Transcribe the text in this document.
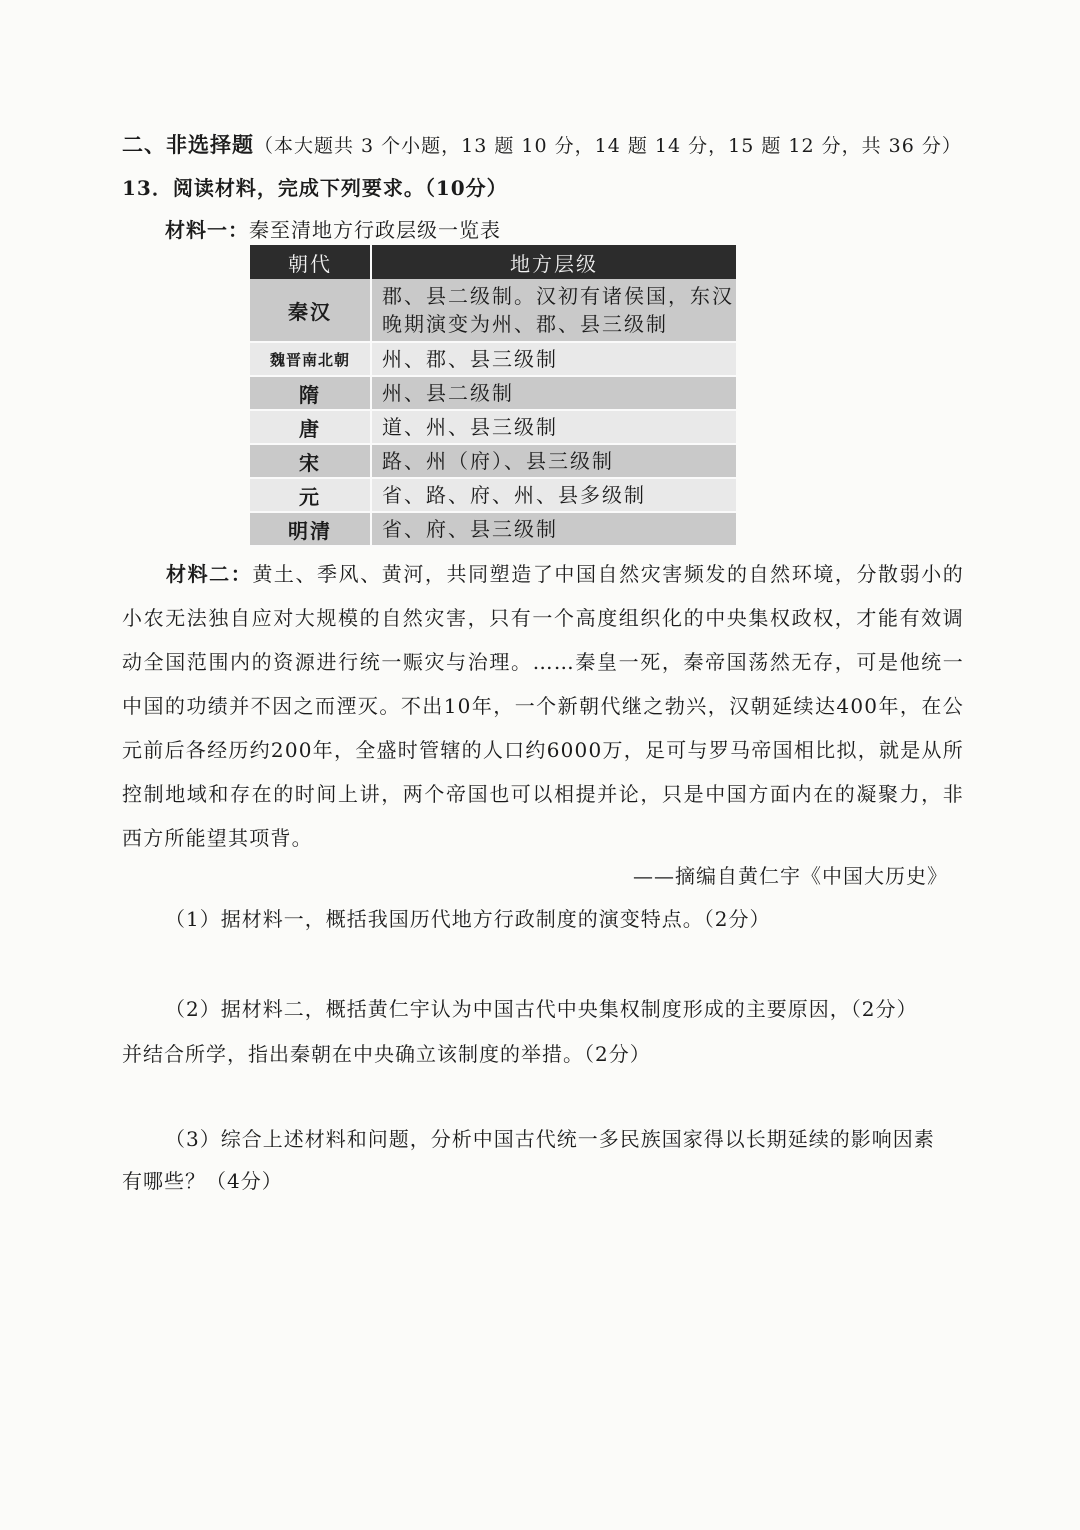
二、非选择题（本大题共 3 个小题，13 题 10 分，14 题 14 分，15 题 12 分，共 36 分）
13．阅读材料，完成下列要求。（10分）
材料一：秦至清地方行政层级一览表
朝代	地方层级
秦汉	郡、县二级制。汉初有诸侯国，东汉晚期演变为州、郡、县三级制
魏晋南北朝	州、郡、县三级制
隋	州、县二级制
唐	道、州、县三级制
宋	路、州（府）、县三级制
元	省、路、府、州、县多级制
明清	省、府、县三级制
材料二：黄土、季风、黄河，共同塑造了中国自然灾害频发的自然环境，分散弱小的小农无法独自应对大规模的自然灾害，只有一个高度组织化的中央集权政权，才能有效调动全国范围内的资源进行统一赈灾与治理。……秦皇一死，秦帝国荡然无存，可是他统一中国的功绩并不因之而湮灭。不出10年，一个新朝代继之勃兴，汉朝延续达400年，在公元前后各经历约200年，全盛时管辖的人口约6000万，足可与罗马帝国相比拟，就是从所控制地域和存在的时间上讲，两个帝国也可以相提并论，只是中国方面内在的凝聚力，非西方所能望其项背。
——摘编自黄仁宇《中国大历史》
（1）据材料一，概括我国历代地方行政制度的演变特点。（2分）
（2）据材料二，概括黄仁宇认为中国古代中央集权制度形成的主要原因，（2分）
并结合所学，指出秦朝在中央确立该制度的举措。（2分）
（3）综合上述材料和问题，分析中国古代统一多民族国家得以长期延续的影响因素
有哪些？（4分）
